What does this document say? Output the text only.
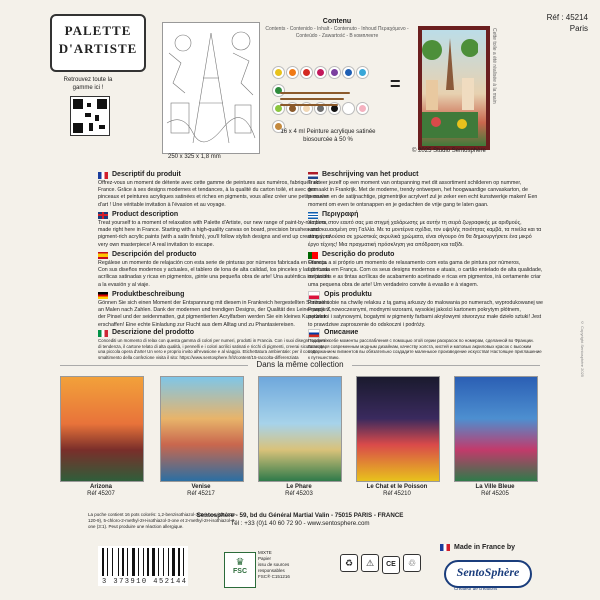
PALETTE
D'ARTISTE
Réf : 45214
Paris
Retrouvez toute la gamme ici !
250 x 325 x 1,8 mm
Contenu
Contents - Contenido - Inhalt - Contenuto - Inhoud Περιεχόμενο - Conteúdo - Zawartość - В комплекте

16 x 4 ml Peinture acrylique satinée biosourcée à 50 %
=
© 2025 Studio Sentosphère
Cette toile a été réalisée à la main
Descriptif du produit

Offrez-vous un moment de détente avec cette gamme de peintures aux numéros, fabriquée en France. Grâce à ses designs modernes et tendances, à la qualité du carton toilé, et avec des pinceaux et peintures acryliques satinées et riches en pigments, vous allez créer une petite œuvre d'art ! Une véritable invitation à l'évasion et au voyage.

Product description

Treat yourself to a moment of relaxation with Palette d'Artiste, our new range of paint-by-numbers, made right here in France. Starting with a high-quality canvas on board, precision brushes and pigment-rich acrylic paints (with a satin finish), you'll follow stylish designs and end up creating your very own masterpiece! A real invitation to escape.

Descripción del producto

Regálese un momento de relajación con esta serie de pinturas por números fabricada en Francia. Con sus diseños modernos y actuales, el tablero de lona de alta calidad, los pinceles y las pinturas acrílicas satinadas y ricas en pigmentos, ¡pinte una pequeña obra de arte! Una auténtica invitación a la evasión y al viaje.

Produktbeschreibung

Gönnen Sie sich einen Moment der Entspannung mit diesem in Frankreich hergestellten Sortiment an Malen nach Zahlen. Dank der modernen und trendigen Designs, der Qualität des Leinenpapiers, der Pinsel und der seidenmatten, gut pigmentierten Acrylfarben werden Sie ein kleines Kunstwerk erschaffen! Eine echte Einladung zur Flucht aus dem Alltag und zu Phantasiereisen.

Descrizione del prodotto

Concediti un momento di relax con questa gamma di colori per numeri, prodotti in Francia. Con i suoi disegni moderni e di tendenza, il cartone telato di alta qualità, i pennelli e i colori acrilici satinati e ricchi di pigmenti, creerai sicuramente una piccola opera d'arte! Un vero e proprio invito all'evasione e al viaggio. Etichettatura ambientale: per il corretto smaltimento della confezione visita il sito: https://www.sentosphere.fr/it/content/15-raccolta-differenziata

Beschrijving van het product

Trakteer jezelf op een moment van ontspanning met dit assortiment schilderen op nummer, gemaakt in Frankrijk. Met de moderne, trendy ontwerpen, het hoogwaardige canvaskarton, de penselen en de satijnachtige, pigmentrijke acrylverf zul je zeker een echt kunstwerkje maken! Een moment om even te ontsnappen en je gedachten de vrije gang te laten gaan.

Περιγραφή

Χαρίστε στον εαυτό σας μια στιγμή χαλάρωσης με αυτήν τη σειρά ζωγραφικής με αριθμούς, κατασκευασμένη στη Γαλλία. Με τα μοντέρνα σχέδια, τον υψηλής ποιότητας καμβά, τα πινέλα και τα σατινέ, πλούσια σε χρωστικές ακρυλικά χρώματα, είναι σίγουρο ότι θα δημιουργήσετε ένα μικρό έργο τέχνης! Μια πραγματική πρόσκληση για απόδραση και ταξίδι.

Descrição do produto

Ofereça a si próprio um momento de relaxamento com esta gama de pintura por números, fabricada em França. Com os seus designs modernos e atuais, o cartão entelado de alta qualidade, os pincéis e as tintas acrílicas de acabamento acetinado e ricas em pigmentos, irá certamente criar uma pequena obra de arte! Um verdadeiro convite à evasão e à viagem.

Opis produktu

Pozwól sobie na chwilę relaksu z tą gamą arkuszy do malowania po numerach, wyprodukowanej we Francji. Z nowoczesnymi, modnymi wzorami, wysokiej jakości kartonem pokrytym płótnem, pędzlami i satynowymi, bogatymi w pigmenty farbami akrylowymi stworzysz małe dzieło sztuki! Jest to prawdziwe zaproszenie do odskoczni i podróży.

Описание

Подарите себе моменты расслабления с помощью этой серии раскрасок по номерам, сделанной во Франции. Благодаря современным модным дизайнам, качеству холста, кистей и матовых акриловых красок с высоким содержанием пигментов вы обязательно создадите маленькое произведение искусства! Настоящее приглашение к путешествию.

Dans la même collection
Arizona
Réf 45207
Venise
Réf 45217
Le Phare
Réf 45203
Le Chat et le Poisson
Réf 45210
La Ville Bleue
Réf 45205
La poche contient 16 pots colorés: 1,2-benzisothiazol-3(2H)-one (CE: 220-120-9), 5-chloro-2-methyl-2H-isothiazol-3-one et 2-methyl-2H-isothiazol-3-one (3:1). Peut produire une réaction allergique.
Sentosphère - 59, bd du Général Martial Valin - 75015 PARIS - FRANCE
Tél : +33 (0)1 40 60 72 90 - www.sentosphere.com
3 373910 452144
♛
FSC
MIXTE
Papier
issu de sources
responsables
FSC® C151216
♻ ⚠ CE ♲
Made in France by
SentoSphère
Créateur de créations
© Copyright Sentosphère 2025
